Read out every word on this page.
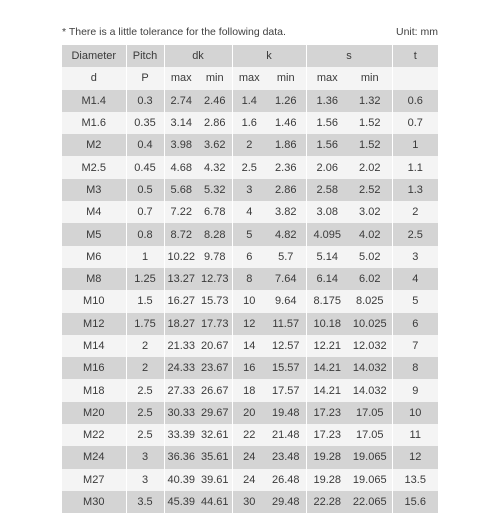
* There is a little tolerance for the following data.	Unit: mm
Diameter	Pitch	dk		k		s		t
d	P	max	min	max	min	max	min	
M1.4	0.3	2.74	2.46	1.4	1.26	1.36	1.32	0.6
M1.6	0.35	3.14	2.86	1.6	1.46	1.56	1.52	0.7
M2	0.4	3.98	3.62	2	1.86	1.56	1.52	1
M2.5	0.45	4.68	4.32	2.5	2.36	2.06	2.02	1.1
M3	0.5	5.68	5.32	3	2.86	2.58	2.52	1.3
M4	0.7	7.22	6.78	4	3.82	3.08	3.02	2
M5	0.8	8.72	8.28	5	4.82	4.095	4.02	2.5
M6	1	10.22	9.78	6	5.7	5.14	5.02	3
M8	1.25	13.27	12.73	8	7.64	6.14	6.02	4
M10	1.5	16.27	15.73	10	9.64	8.175	8.025	5
M12	1.75	18.27	17.73	12	11.57	10.18	10.025	6
M14	2	21.33	20.67	14	12.57	12.21	12.032	7
M16	2	24.33	23.67	16	15.57	14.21	14.032	8
M18	2.5	27.33	26.67	18	17.57	14.21	14.032	9
M20	2.5	30.33	29.67	20	19.48	17.23	17.05	10
M22	2.5	33.39	32.61	22	21.48	17.23	17.05	11
M24	3	36.36	35.61	24	23.48	19.28	19.065	12
M27	3	40.39	39.61	24	26.48	19.28	19.065	13.5
M30	3.5	45.39	44.61	30	29.48	22.28	22.065	15.6
